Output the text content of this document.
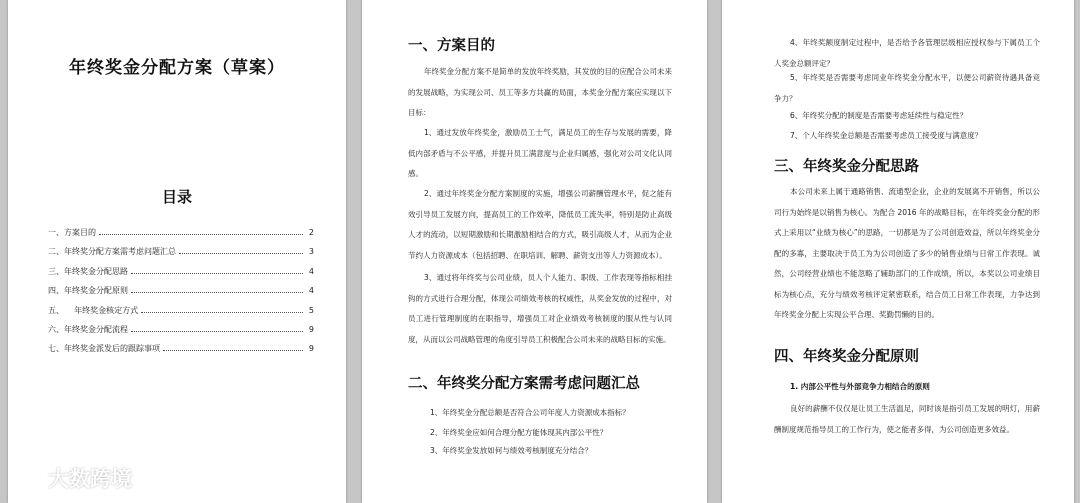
年终奖金分配方案（草案）
目录
一、方案目的	2
二、年终奖分配方案需考虑问题汇总	3
三、年终奖金分配思路	4
四、年终奖金分配原则	4
五、    年终奖金核定方式	5
六、年终奖金分配流程	9
七、年终奖金派发后的跟踪事项	9
一、方案目的
年终奖金分配方案不是简单的发放年终奖励，其发放的目的应配合公司未来的发展战略，为实现公司、员工等多方共赢的局面，本奖金分配方案应实现以下目标：
1、通过发放年终奖金，激励员工士气，满足员工的生存与发展的需要，降低内部矛盾与不公平感，并提升员工满意度与企业归属感，强化对公司文化认同感。
2、通过年终奖金分配方案制度的实施，增强公司薪酬管理水平，促之能有效引导员工发展方向，提高员工的工作效率，降低员工流失率，特别是防止高级人才的流动，以短期激励和长期激励相结合的方式，吸引高级人才，从而为企业节约人力资源成本（包括招聘、在职培训、解聘、薪资支出等人力资源成本）。
3、通过将年终奖与公司业绩，员人个人能力、职级、工作表现等指标相挂钩的方式进行合理分配，体现公司绩效考核的权威性，从奖金发放的过程中，对员工进行管理制度的在职指导，增强员工对企业绩效考核制度的服从性与认同度，从而以公司战略管理的角度引导员工积极配合公司未来的战略目标的实施。
二、年终奖分配方案需考虑问题汇总
1、年终奖金分配总额是否符合公司年度人力资源成本指标？
2、年终奖金应如何合理分配方能体现其内部公平性？
3、年终奖金发放如何与绩效考核制度充分结合？
4、年终奖额度制定过程中，是否给予各管理层级相应授权参与下属员工个人奖金总额评定？
5、年终奖是否需要考虑同业年终奖金分配水平，以便公司薪资待遇具备竞争力？
6、年终奖分配的制度是否需要考虑延续性与稳定性？
7、个人年终奖金总额是否需要考虑员工接受度与满意度？
三、年终奖金分配思路
本公司未来上属于通路销售、流通型企业，企业的发展离不开销售，所以公司行为始终是以销售为核心。为配合 2016 年的战略目标，在年终奖金分配的形式上采用以“业绩为核心”的思路，一切都是为了公司创造效益，所以年终奖金分配的多寡，主要取决于员工为为公司创造了多少的销售业绩与日常工作表现。诚然，公司经营业绩也不能忽略了辅助部门的工作成绩，所以，本奖以公司业绩目标为核心点，充分与绩效考核评定紧密联系，结合员工日常工作表现，力争达到年终奖金分配上实现公平合理、奖勤罚懒的目的。
四、年终奖金分配原则
1. 内部公平性与外部竞争力相结合的原则
良好的薪酬不仅仅是让员工生活温足，同时该是指引员工发展的明灯，用薪酬制度规范指导员工的工作行为，使之能者多得，为公司创造更多效益。
大数跨境
